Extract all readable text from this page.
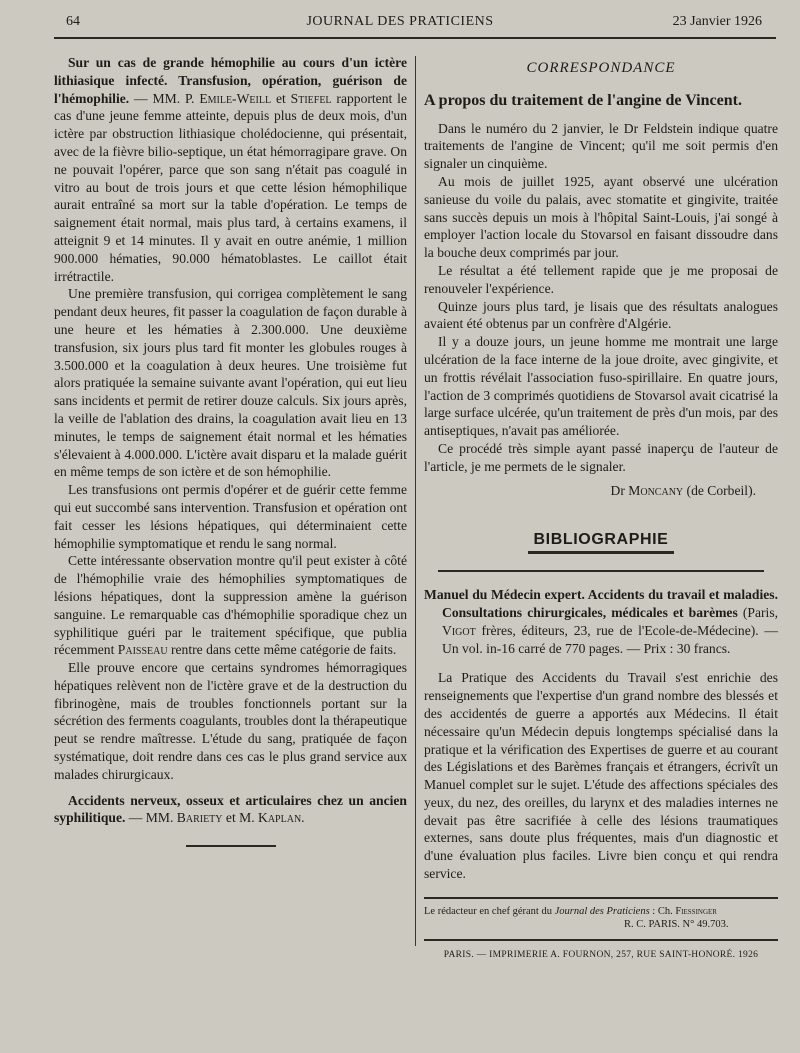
64	JOURNAL DES PRATICIENS	23 Janvier 1926

Sur un cas de grande hémophilie au cours d'un ictère lithiasique infecté. Transfusion, opération, guérison de l'hémophilie. — MM. P. Emile-Weill et Stiefel rapportent le cas d'une jeune femme atteinte, depuis plus de deux mois, d'un ictère par obstruction lithiasique cholédocienne, qui présentait, avec de la fièvre bilio-septique, un état hémorragipare grave. On ne pouvait l'opérer, parce que son sang n'était pas coagulé in vitro au bout de trois jours et que cette lésion hémophilique aurait entraîné sa mort sur la table d'opération. Le temps de saignement était normal, mais plus tard, à certains examens, il atteignit 9 et 14 minutes. Il y avait en outre anémie, 1 million 900.000 hématies, 90.000 hématoblastes. Le caillot était irrétractile.

Une première transfusion, qui corrigea complètement le sang pendant deux heures, fit passer la coagulation de façon durable à une heure et les hématies à 2.300.000. Une deuxième transfusion, six jours plus tard fit monter les globules rouges à 3.500.000 et la coagulation à deux heures. Une troisième fut alors pratiquée la semaine suivante avant l'opération, qui eut lieu sans incidents et permit de retirer douze calculs. Six jours après, la veille de l'ablation des drains, la coagulation avait lieu en 13 minutes, le temps de saignement était normal et les hématies s'élevaient à 4.000.000. L'ictère avait disparu et la malade guérit en même temps de son ictère et de son hémophilie.

Les transfusions ont permis d'opérer et de guérir cette femme qui eut succombé sans intervention. Transfusion et opération ont fait cesser les lésions hépatiques, qui déterminaient cette hémophilie symptomatique et rendu le sang normal.

Cette intéressante observation montre qu'il peut exister à côté de l'hémophilie vraie des hémophilies symptomatiques de lésions hépatiques, dont la suppression amène la guérison sanguine. Le remarquable cas d'hémophilie sporadique chez un syphilitique guéri par le traitement spécifique, que publia récemment Paisseau rentre dans cette même catégorie de faits.

Elle prouve encore que certains syndromes hémorragiques hépatiques relèvent non de l'ictère grave et de la destruction du fibrinogène, mais de troubles fonctionnels portant sur la sécrétion des ferments coagulants, troubles dont la thérapeutique peut se rendre maîtresse. L'étude du sang, pratiquée de façon systématique, doit rendre dans ces cas le plus grand service aux malades chirurgicaux.

Accidents nerveux, osseux et articulaires chez un ancien syphilitique. — MM. Bariety et M. Kaplan.

CORRESPONDANCE
A propos du traitement de l'angine de Vincent.

Dans le numéro du 2 janvier, le Dr Feldstein indique quatre traitements de l'angine de Vincent; qu'il me soit permis d'en signaler un cinquième.

Au mois de juillet 1925, ayant observé une ulcération sanieuse du voile du palais, avec stomatite et gingivite, traitée sans succès depuis un mois à l'hôpital Saint-Louis, j'ai songé à employer l'action locale du Stovarsol en faisant dissoudre dans la bouche deux comprimés par jour.

Le résultat a été tellement rapide que je me proposai de renouveler l'expérience.

Quinze jours plus tard, je lisais que des résultats analogues avaient été obtenus par un confrère d'Algérie.

Il y a douze jours, un jeune homme me montrait une large ulcération de la face interne de la joue droite, avec gingivite, et un frottis révélait l'association fuso-spirillaire. En quatre jours, l'action de 3 comprimés quotidiens de Stovarsol avait cicatrisé la large surface ulcérée, qu'un traitement de près d'un mois, par des antiseptiques, n'avait pas améliorée.

Ce procédé très simple ayant passé inaperçu de l'auteur de l'article, je me permets de le signaler.

Dr Moncany (de Corbeil).
BIBLIOGRAPHIE

Manuel du Médecin expert. Accidents du travail et maladies. Consultations chirurgicales, médicales et barèmes (Paris, Vigot frères, éditeurs, 23, rue de l'Ecole-de-Médecine). — Un vol. in-16 carré de 770 pages. — Prix : 30 francs.

La Pratique des Accidents du Travail s'est enrichie des renseignements que l'expertise d'un grand nombre des blessés et des accidentés de guerre a apportés aux Médecins. Il était nécessaire qu'un Médecin depuis longtemps spécialisé dans la pratique et la vérification des Expertises de guerre et au courant des Législations et des Barèmes français et étrangers, écrivît un Manuel complet sur le sujet. L'étude des affections spéciales des yeux, du nez, des oreilles, du larynx et des maladies internes ne devait pas être sacrifiée à celle des lésions traumatiques externes, sans doute plus fréquentes, mais d'un diagnostic et d'une évaluation plus faciles. Livre bien conçu et qui rendra service.

Le rédacteur en chef gérant du Journal des Praticiens : Ch. Fiessinger
R. C. PARIS. N° 49.703.

PARIS. — IMPRIMERIE A. FOURNON, 257, RUE SAINT-HONORÉ. 1926
